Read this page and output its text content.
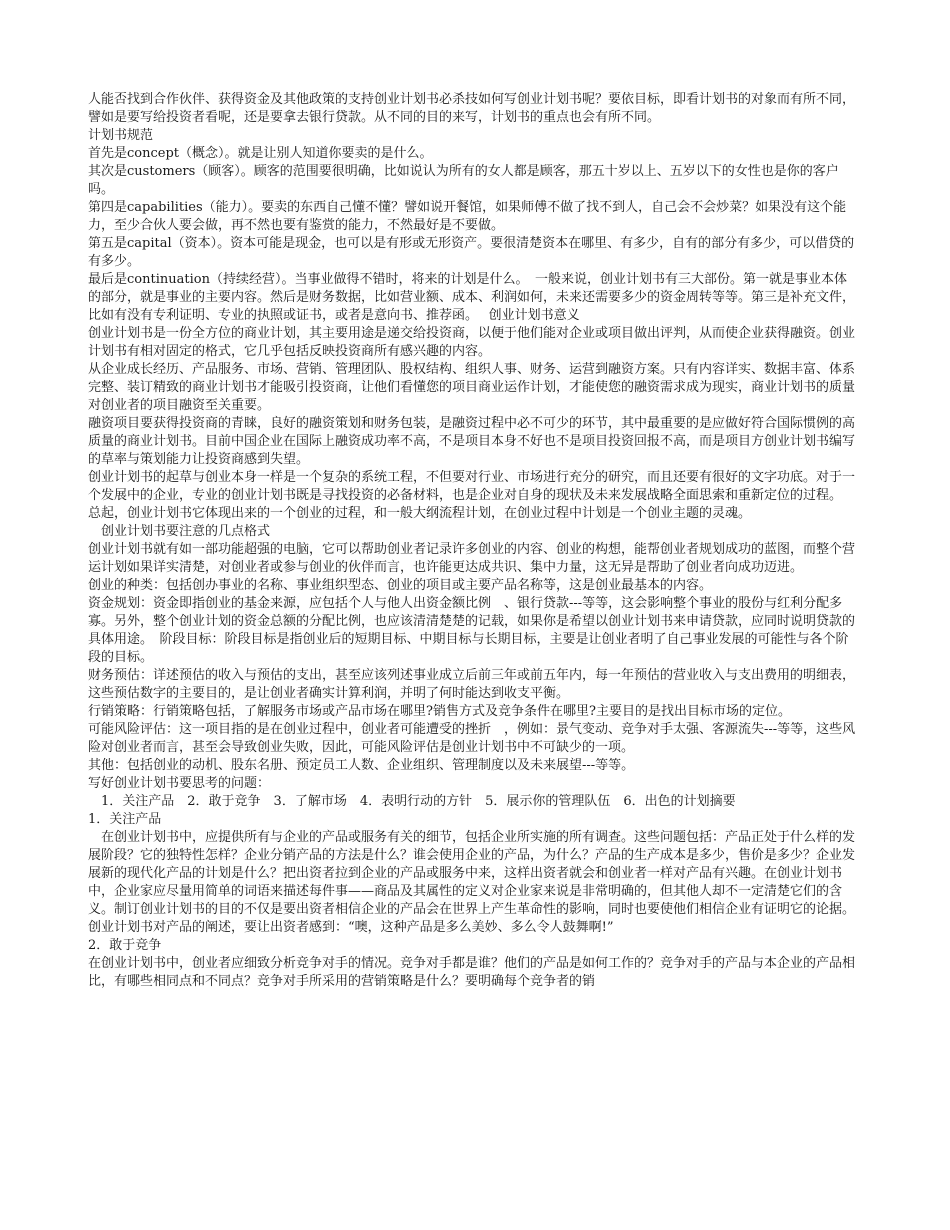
人能否找到合作伙伴、获得资金及其他政策的支持创业计划书必杀技如何写创业计划书呢？要依目标，即看计划书的对象而有所不同，譬如是要写给投资者看呢，还是要拿去银行贷款。从不同的目的来写，计划书的重点也会有所不同。

计划书规范

首先是concept（概念）。就是让别人知道你要卖的是什么。

其次是customers（顾客）。顾客的范围要很明确，比如说认为所有的女人都是顾客，那五十岁以上、五岁以下的女性也是你的客户吗。

第四是capabilities（能力）。要卖的东西自己懂不懂？譬如说开餐馆，如果师傅不做了找不到人，自己会不会炒菜？如果没有这个能力，至少合伙人要会做，再不然也要有鉴赏的能力，不然最好是不要做。

第五是capital（资本）。资本可能是现金，也可以是有形或无形资产。要很清楚资本在哪里、有多少，自有的部分有多少，可以借贷的有多少。

最后是continuation（持续经营）。当事业做得不错时，将来的计划是什么。　一般来说，创业计划书有三大部份。第一就是事业本体的部分，就是事业的主要内容。然后是财务数据，比如营业额、成本、利润如何，未来还需要多少的资金周转等等。第三是补充文件，比如有没有专利证明、专业的执照或证书，或者是意向书、推荐函。　 创业计划书意义

创业计划书是一份全方位的商业计划，其主要用途是递交给投资商，以便于他们能对企业或项目做出评判，从而使企业获得融资。创业计划书有相对固定的格式，它几乎包括反映投资商所有感兴趣的内容。

从企业成长经历、产品服务、市场、营销、管理团队、股权结构、组织人事、财务、运营到融资方案。只有内容详实、数据丰富、体系完整、装订精致的商业计划书才能吸引投资商，让他们看懂您的项目商业运作计划，才能使您的融资需求成为现实，商业计划书的质量对创业者的项目融资至关重要。

融资项目要获得投资商的青睐，良好的融资策划和财务包装，是融资过程中必不可少的环节，其中最重要的是应做好符合国际惯例的高质量的商业计划书。目前中国企业在国际上融资成功率不高，不是项目本身不好也不是项目投资回报不高，而是项目方创业计划书编写的草率与策划能力让投资商感到失望。

创业计划书的起草与创业本身一样是一个复杂的系统工程，不但要对行业、市场进行充分的研究，而且还要有很好的文字功底。对于一个发展中的企业，专业的创业计划书既是寻找投资的必备材料，也是企业对自身的现状及未来发展战略全面思索和重新定位的过程。　总起，创业计划书它体现出来的一个创业的过程，和一般大纲流程计划，在创业过程中计划是一个创业主题的灵魂。

　创业计划书要注意的几点格式

创业计划书就有如一部功能超强的电脑，它可以帮助创业者记录许多创业的内容、创业的构想，能帮创业者规划成功的蓝图，而整个营运计划如果详实清楚，对创业者或参与创业的伙伴而言，也许能更达成共识、集中力量，这无异是帮助了创业者向成功迈进。

创业的种类：包括创办事业的名称、事业组织型态、创业的项目或主要产品名称等，这是创业最基本的内容。

资金规划：资金即指创业的基金来源，应包括个人与他人出资金额比例　、银行贷款---等等，这会影响整个事业的股份与红利分配多寡。另外，整个创业计划的资金总额的分配比例，也应该清清楚楚的记载，如果你是希望以创业计划书来申请贷款，应同时说明贷款的具体用途。　阶段目标：阶段目标是指创业后的短期目标、中期目标与长期目标，主要是让创业者明了自己事业发展的可能性与各个阶段的目标。

财务预估：详述预估的收入与预估的支出，甚至应该列述事业成立后前三年或前五年内，每一年预估的营业收入与支出费用的明细表，这些预估数字的主要目的，是让创业者确实计算利润，并明了何时能达到收支平衡。

行销策略：行销策略包括，了解服务市场或产品市场在哪里?销售方式及竞争条件在哪里?主要目的是找出目标市场的定位。

可能风险评估：这一项目指的是在创业过程中，创业者可能遭受的挫折　，例如：景气变动、竞争对手太强、客源流失---等等，这些风险对创业者而言，甚至会导致创业失败，因此，可能风险评估是创业计划书中不可缺少的一项。

其他：包括创业的动机、股东名册、预定员工人数、企业组织、管理制度以及未来展望---等等。

写好创业计划书要思考的问题：

　1．关注产品　2．敢于竞争　3．了解市场　4．表明行动的方针　5．展示你的管理队伍　6．出色的计划摘要

1．关注产品

　在创业计划书中，应提供所有与企业的产品或服务有关的细节，包括企业所实施的所有调查。这些问题包括：产品正处于什么样的发展阶段？它的独特性怎样？企业分销产品的方法是什么？谁会使用企业的产品，为什么？产品的生产成本是多少，售价是多少？企业发展新的现代化产品的计划是什么？把出资者拉到企业的产品或服务中来，这样出资者就会和创业者一样对产品有兴趣。在创业计划书中，企业家应尽量用简单的词语来描述每件事——商品及其属性的定义对企业家来说是非常明确的，但其他人却不一定清楚它们的含义。制订创业计划书的目的不仅是要出资者相信企业的产品会在世界上产生革命性的影响，同时也要使他们相信企业有证明它的论据。创业计划书对产品的阐述，要让出资者感到：“噢，这种产品是多么美妙、多么令人鼓舞啊!”

2．敢于竞争

在创业计划书中，创业者应细致分析竞争对手的情况。竞争对手都是谁？他们的产品是如何工作的？竞争对手的产品与本企业的产品相比，有哪些相同点和不同点？竞争对手所采用的营销策略是什么？要明确每个竞争者的销
